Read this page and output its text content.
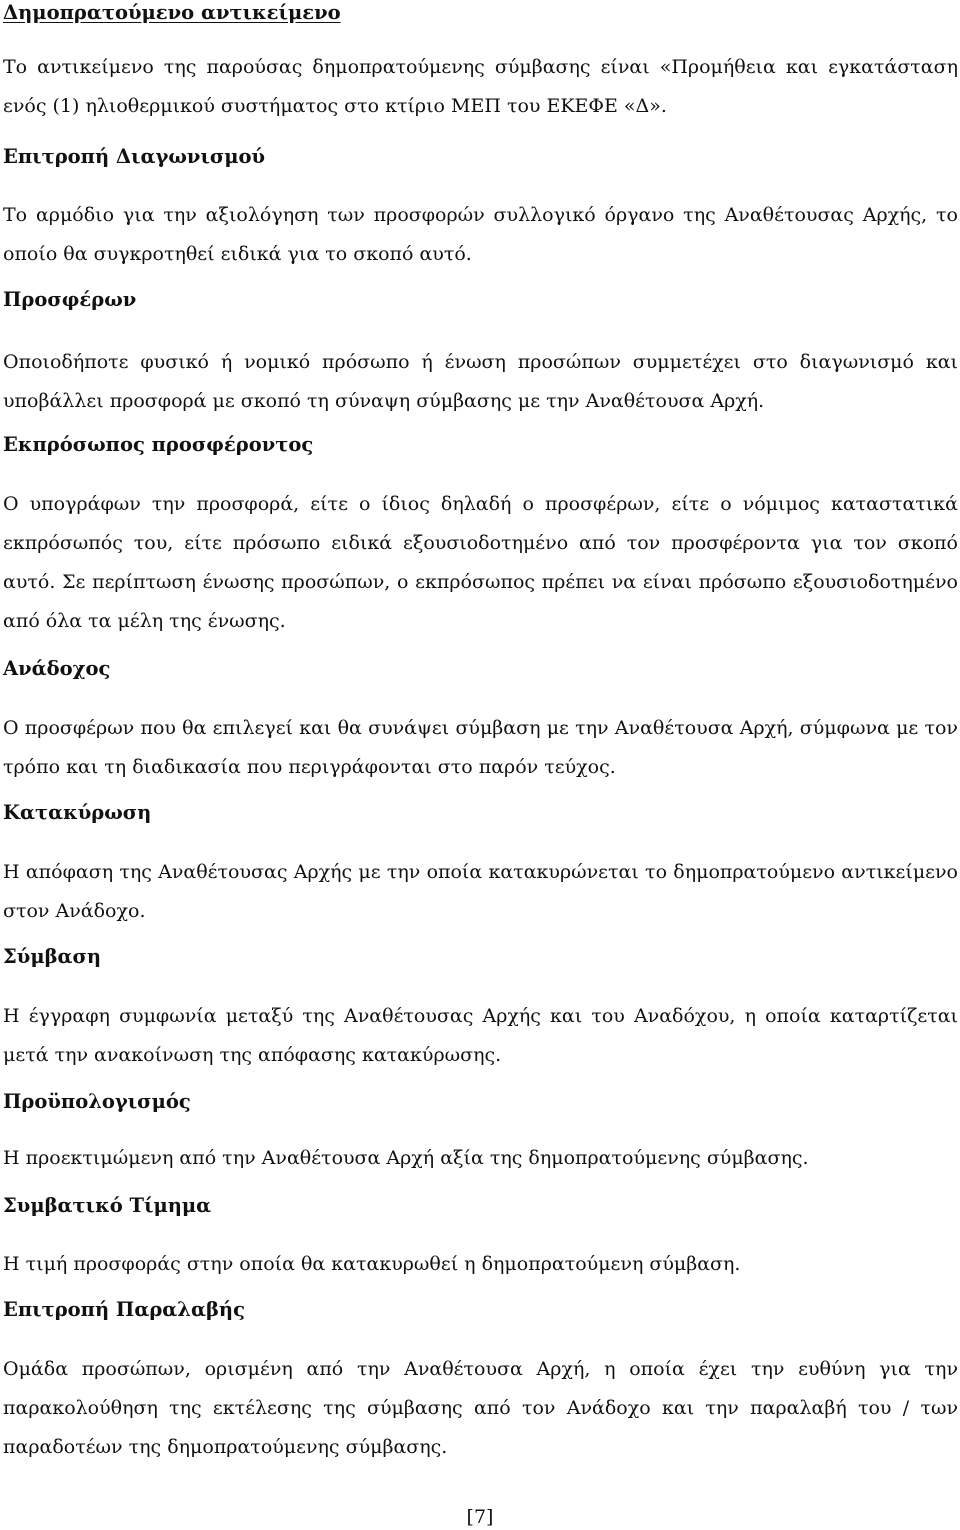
Δημοπρατούμενο αντικείμενο

Το αντικείμενο της παρούσας δημοπρατούμενης σύμβασης είναι «Προμήθεια και εγκατάσταση ενός (1) ηλιοθερμικού συστήματος στο κτίριο ΜΕΠ του ΕΚΕΦΕ «Δ».

Επιτροπή Διαγωνισμού

Το αρμόδιο για την αξιολόγηση των προσφορών συλλογικό όργανο της Αναθέτουσας Αρχής, το οποίο θα συγκροτηθεί ειδικά για το σκοπό αυτό.

Προσφέρων

Οποιοδήποτε φυσικό ή νομικό πρόσωπο ή ένωση προσώπων συμμετέχει στο διαγωνισμό και υποβάλλει προσφορά με σκοπό τη σύναψη σύμβασης με την Αναθέτουσα Αρχή.

Εκπρόσωπος προσφέροντος

Ο υπογράφων την προσφορά, είτε ο ίδιος δηλαδή ο προσφέρων, είτε ο νόμιμος καταστατικά εκπρόσωπός του, είτε πρόσωπο ειδικά εξουσιοδοτημένο από τον προσφέροντα για τον σκοπό αυτό. Σε περίπτωση ένωσης προσώπων, ο εκπρόσωπος πρέπει να είναι πρόσωπο εξουσιοδοτημένο από όλα τα μέλη της ένωσης.

Ανάδοχος

Ο προσφέρων που θα επιλεγεί και θα συνάψει σύμβαση με την Αναθέτουσα Αρχή, σύμφωνα με τον τρόπο και τη διαδικασία που περιγράφονται στο παρόν τεύχος.

Κατακύρωση

Η απόφαση της Αναθέτουσας Αρχής με την οποία κατακυρώνεται το δημοπρατούμενο αντικείμενο στον Ανάδοχο.

Σύμβαση

Η έγγραφη συμφωνία μεταξύ της Αναθέτουσας Αρχής και του Αναδόχου, η οποία καταρτίζεται μετά την ανακοίνωση της απόφασης κατακύρωσης.

Προϋπολογισμός

Η προεκτιμώμενη από την Αναθέτουσα Αρχή αξία της δημοπρατούμενης σύμβασης.

Συμβατικό Τίμημα

Η τιμή προσφοράς στην οποία θα κατακυρωθεί η δημοπρατούμενη σύμβαση.

Επιτροπή Παραλαβής

Ομάδα προσώπων, ορισμένη από την Αναθέτουσα Αρχή, η οποία έχει την ευθύνη για την παρακολούθηση της εκτέλεσης της σύμβασης από τον Ανάδοχο και την παραλαβή του / των παραδοτέων της δημοπρατούμενης σύμβασης.

[7]
